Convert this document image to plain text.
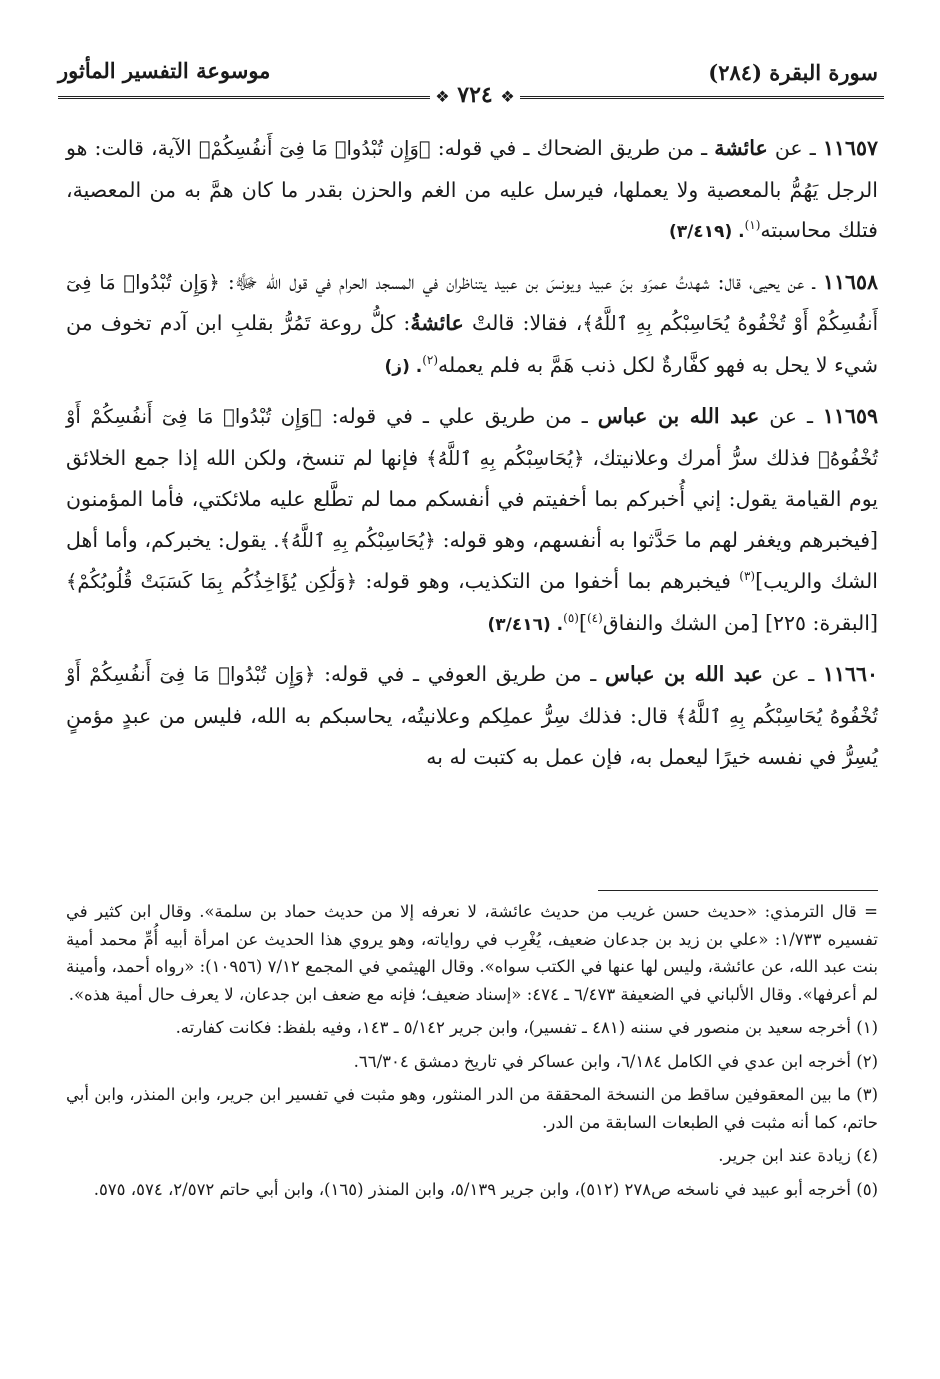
سورة البقرة (٢٨٤)
موسوعة التفسير المأثور
❖ ٧٢٤ ❖

١١٦٥٧ ـ عن عائشة ـ من طريق الضحاك ـ في قوله: ﴿وَإِن تُبْدُوا۟ مَا فِىٓ أَنفُسِكُمْ﴾ الآية، قالت: هو الرجل يَهُمُّ بالمعصية ولا يعملها، فيرسل عليه من الغم والحزن بقدر ما كان همَّ به من المعصية، فتلك محاسبته$^{(١)}$. (٣/٤١٩)

١١٦٥٨ ـ عن يحيى، قال: شهدتُ عمرَو بنَ عبيد ويونسَ بن عبيد يتناظران في المسجد الحرام في قول الله ﷻ: ﴿وَإِن تُبْدُوا۟ مَا فِىٓ أَنفُسِكُمْ أَوْ تُخْفُوهُ يُحَاسِبْكُم بِهِ ٱللَّهُ﴾، فقالا: قالتْ عائشةُ: كلُّ روعة تَمُرُّ بقلبِ ابن آدم تخوف من شيء لا يحل به فهو كفَّارةٌ لكل ذنب هَمَّ به فلم يعمله$^{(٢)}$. (ز)

١١٦٥٩ ـ عن عبد الله بن عباس ـ من طريق علي ـ في قوله: ﴿وَإِن تُبْدُوا۟ مَا فِىٓ أَنفُسِكُمْ أَوْ تُخْفُوهُ﴾ فذلك سرُّ أمرك وعلانيتك، ﴿يُحَاسِبْكُم بِهِ ٱللَّهُ﴾ فإنها لم تنسخ، ولكن الله إذا جمع الخلائق يوم القيامة يقول: إني أُخبركم بما أخفيتم في أنفسكم مما لم تطَّلع عليه ملائكتي، فأما المؤمنون [فيخبرهم ويغفر لهم ما حَدَّثوا به أنفسهم، وهو قوله: ﴿يُحَاسِبْكُم بِهِ ٱللَّهُ﴾. يقول: يخبركم، وأما أهل الشك والريب]$^{(٣)}$ فيخبرهم بما أخفوا من التكذيب، وهو قوله: ﴿وَلَٰكِن يُؤَاخِذُكُم بِمَا كَسَبَتْ قُلُوبُكُمْ﴾ [البقرة: ٢٢٥] [من الشك والنفاق$^{(٤)}$]$^{(٥)}$. (٣/٤١٦)

١١٦٦٠ ـ عن عبد الله بن عباس ـ من طريق العوفي ـ في قوله: ﴿وَإِن تُبْدُوا۟ مَا فِىٓ أَنفُسِكُمْ أَوْ تُخْفُوهُ يُحَاسِبْكُم بِهِ ٱللَّهُ﴾ قال: فذلك سِرُّ عملِكم وعلانيتُه، يحاسبكم به الله، فليس من عبدٍ مؤمنٍ يُسِرُّ في نفسه خيرًا ليعمل به، فإن عمل به كتبت له به

= قال الترمذي: «حديث حسن غريب من حديث عائشة، لا نعرفه إلا من حديث حماد بن سلمة». وقال ابن كثير في تفسيره ١/٧٣٣: «علي بن زيد بن جدعان ضعيف، يُغْرِب في رواياته، وهو يروي هذا الحديث عن امرأة أبيه أُمِّ محمد أمية بنت عبد الله، عن عائشة، وليس لها عنها في الكتب سواه». وقال الهيثمي في المجمع ٧/١٢ (١٠٩٥٦): «رواه أحمد، وأمينة لم أعرفها». وقال الألباني في الضعيفة ٦/٤٧٣ ـ ٤٧٤: «إسناد ضعيف؛ فإنه مع ضعف ابن جدعان، لا يعرف حال أمية هذه».

(١) أخرجه سعيد بن منصور في سننه (٤٨١ ـ تفسير)، وابن جرير ٥/١٤٢ ـ ١٤٣، وفيه بلفظ: فكانت كفارته.

(٢) أخرجه ابن عدي في الكامل ٦/١٨٤، وابن عساكر في تاريخ دمشق ٦٦/٣٠٤.

(٣) ما بين المعقوفين ساقط من النسخة المحققة من الدر المنثور، وهو مثبت في تفسير ابن جرير، وابن المنذر، وابن أبي حاتم، كما أنه مثبت في الطبعات السابقة من الدر.

(٤) زيادة عند ابن جرير.

(٥) أخرجه أبو عبيد في ناسخه ص٢٧٨ (٥١٢)، وابن جرير ٥/١٣٩، وابن المنذر (١٦٥)، وابن أبي حاتم ٢/٥٧٢، ٥٧٤، ٥٧٥.
